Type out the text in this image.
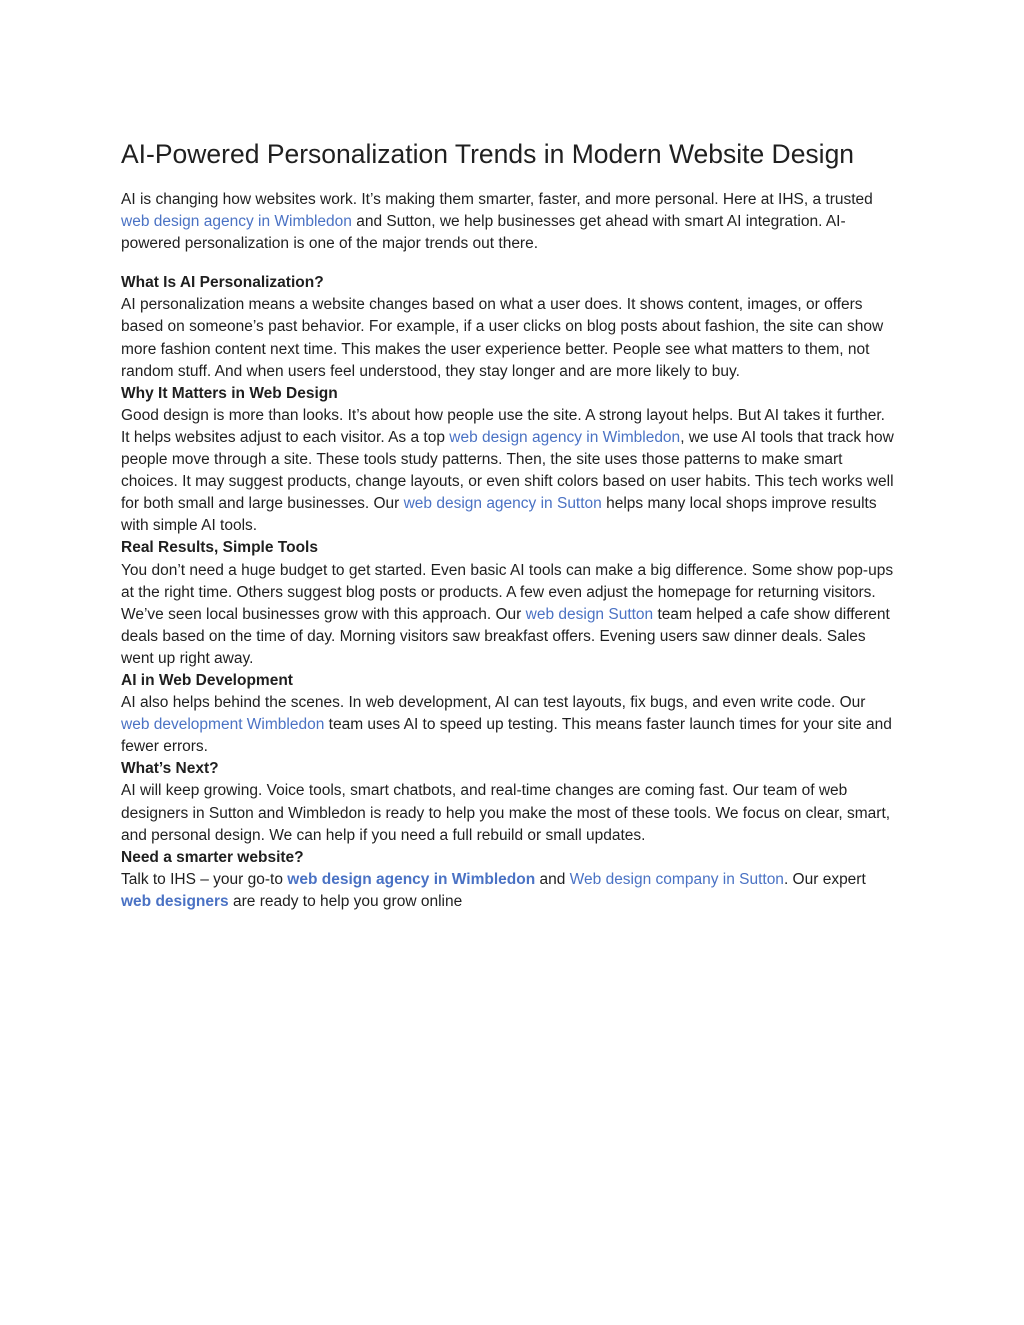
AI-Powered Personalization Trends in Modern Website Design

AI is changing how websites work. It’s making them smarter, faster, and more personal. Here at IHS, a trusted web design agency in Wimbledon and Sutton, we help businesses get ahead with smart AI integration. AI-powered personalization is one of the major trends out there.

What Is AI Personalization?

AI personalization means a website changes based on what a user does. It shows content, images, or offers based on someone’s past behavior. For example, if a user clicks on blog posts about fashion, the site can show more fashion content next time. This makes the user experience better. People see what matters to them, not random stuff. And when users feel understood, they stay longer and are more likely to buy.

Why It Matters in Web Design

Good design is more than looks. It’s about how people use the site. A strong layout helps. But AI takes it further. It helps websites adjust to each visitor. As a top web design agency in Wimbledon, we use AI tools that track how people move through a site. These tools study patterns. Then, the site uses those patterns to make smart choices. It may suggest products, change layouts, or even shift colors based on user habits. This tech works well for both small and large businesses. Our web design agency in Sutton helps many local shops improve results with simple AI tools.

Real Results, Simple Tools

You don’t need a huge budget to get started. Even basic AI tools can make a big difference. Some show pop-ups at the right time. Others suggest blog posts or products. A few even adjust the homepage for returning visitors. We’ve seen local businesses grow with this approach. Our web design Sutton team helped a cafe show different deals based on the time of day. Morning visitors saw breakfast offers. Evening users saw dinner deals. Sales went up right away.

AI in Web Development

AI also helps behind the scenes. In web development, AI can test layouts, fix bugs, and even write code. Our web development Wimbledon team uses AI to speed up testing. This means faster launch times for your site and fewer errors.

What’s Next?

AI will keep growing. Voice tools, smart chatbots, and real-time changes are coming fast. Our team of web designers in Sutton and Wimbledon is ready to help you make the most of these tools. We focus on clear, smart, and personal design. We can help if you need a full rebuild or small updates.

Need a smarter website?

Talk to IHS – your go-to web design agency in Wimbledon and Web design company in Sutton. Our expert web designers are ready to help you grow online
